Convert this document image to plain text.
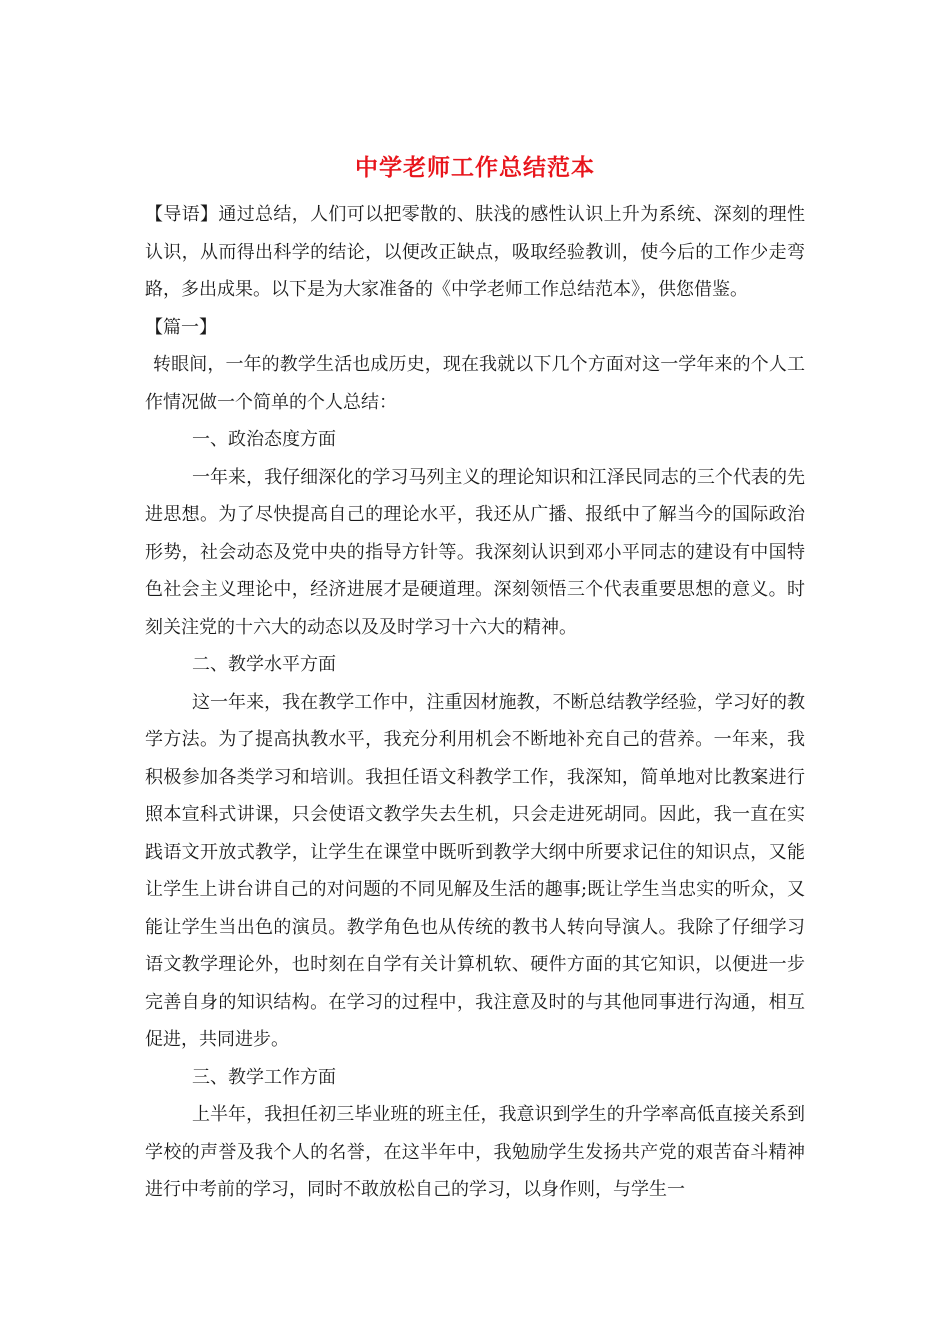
中学老师工作总结范本

【导语】通过总结，人们可以把零散的、肤浅的感性认识上升为系统、深刻的理性认识，从而得出科学的结论，以便改正缺点，吸取经验教训，使今后的工作少走弯路，多出成果。以下是为大家准备的《中学老师工作总结范本》，供您借鉴。

【篇一】

转眼间，一年的教学生活也成历史，现在我就以下几个方面对这一学年来的个人工作情况做一个简单的个人总结：

一、政治态度方面

一年来，我仔细深化的学习马列主义的理论知识和江泽民同志的三个代表的先进思想。为了尽快提高自己的理论水平，我还从广播、报纸中了解当今的国际政治形势，社会动态及党中央的指导方针等。我深刻认识到邓小平同志的建设有中国特色社会主义理论中，经济进展才是硬道理。深刻领悟三个代表重要思想的意义。时刻关注党的十六大的动态以及及时学习十六大的精神。

二、教学水平方面

这一年来，我在教学工作中，注重因材施教，不断总结教学经验，学习好的教学方法。为了提高执教水平，我充分利用机会不断地补充自己的营养。一年来，我积极参加各类学习和培训。我担任语文科教学工作，我深知，简单地对比教案进行照本宣科式讲课，只会使语文教学失去生机，只会走进死胡同。因此，我一直在实践语文开放式教学，让学生在课堂中既听到教学大纲中所要求记住的知识点，又能让学生上讲台讲自己的对问题的不同见解及生活的趣事;既让学生当忠实的听众，又能让学生当出色的演员。教学角色也从传统的教书人转向导演人。我除了仔细学习语文教学理论外，也时刻在自学有关计算机软、硬件方面的其它知识，以便进一步完善自身的知识结构。在学习的过程中，我注意及时的与其他同事进行沟通，相互促进，共同进步。

三、教学工作方面

上半年，我担任初三毕业班的班主任，我意识到学生的升学率高低直接关系到学校的声誉及我个人的名誉，在这半年中，我勉励学生发扬共产党的艰苦奋斗精神进行中考前的学习，同时不敢放松自己的学习，以身作则，与学生一
